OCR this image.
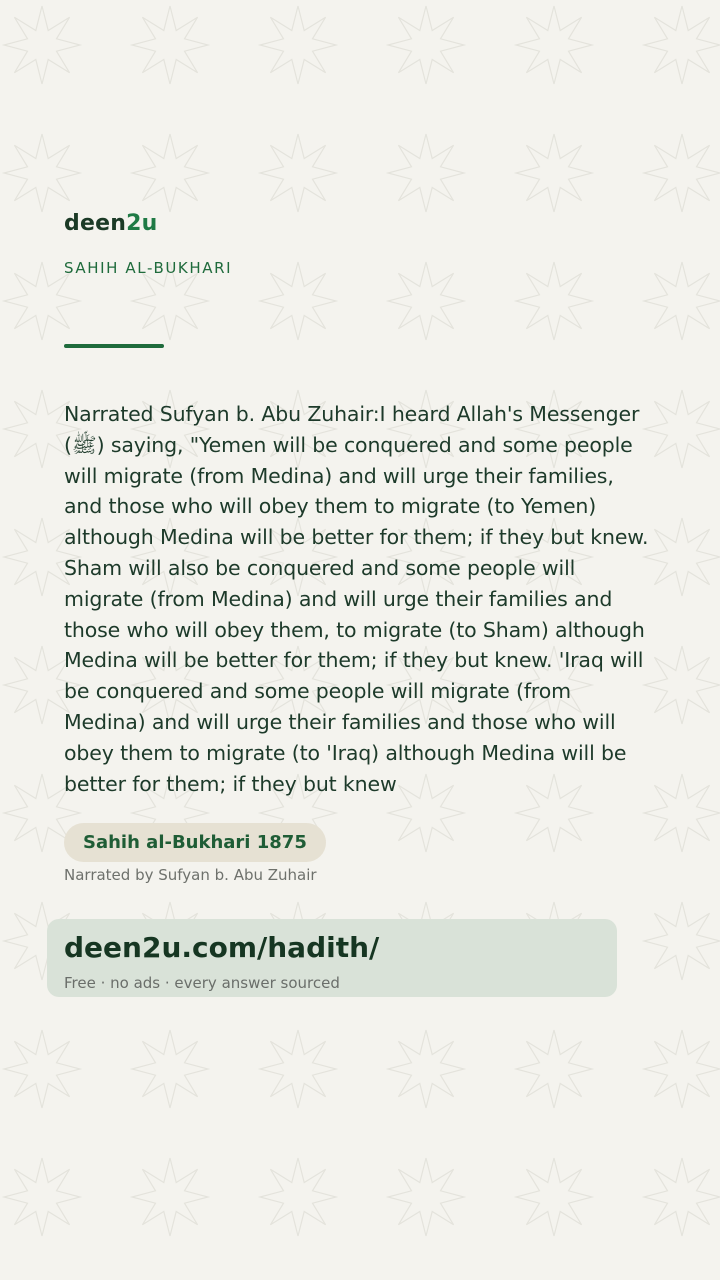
deen2u
SAHIH AL-BUKHARI

Narrated Sufyan b. Abu Zuhair:I heard Allah's Messenger (ﷺ) saying, "Yemen will be conquered and some people will migrate (from Medina) and will urge their families, and those who will obey them to migrate (to Yemen) although Medina will be better for them; if they but knew. Sham will also be conquered and some people will migrate (from Medina) and will urge their families and those who will obey them, to migrate (to Sham) although Medina will be better for them; if they but knew. 'Iraq will be conquered and some people will migrate (from Medina) and will urge their families and those who will obey them to migrate (to 'Iraq) although Medina will be better for them; if they but knew

Sahih al-Bukhari 1875
Narrated by Sufyan b. Abu Zuhair
deen2u.com/hadith/
Free · no ads · every answer sourced
